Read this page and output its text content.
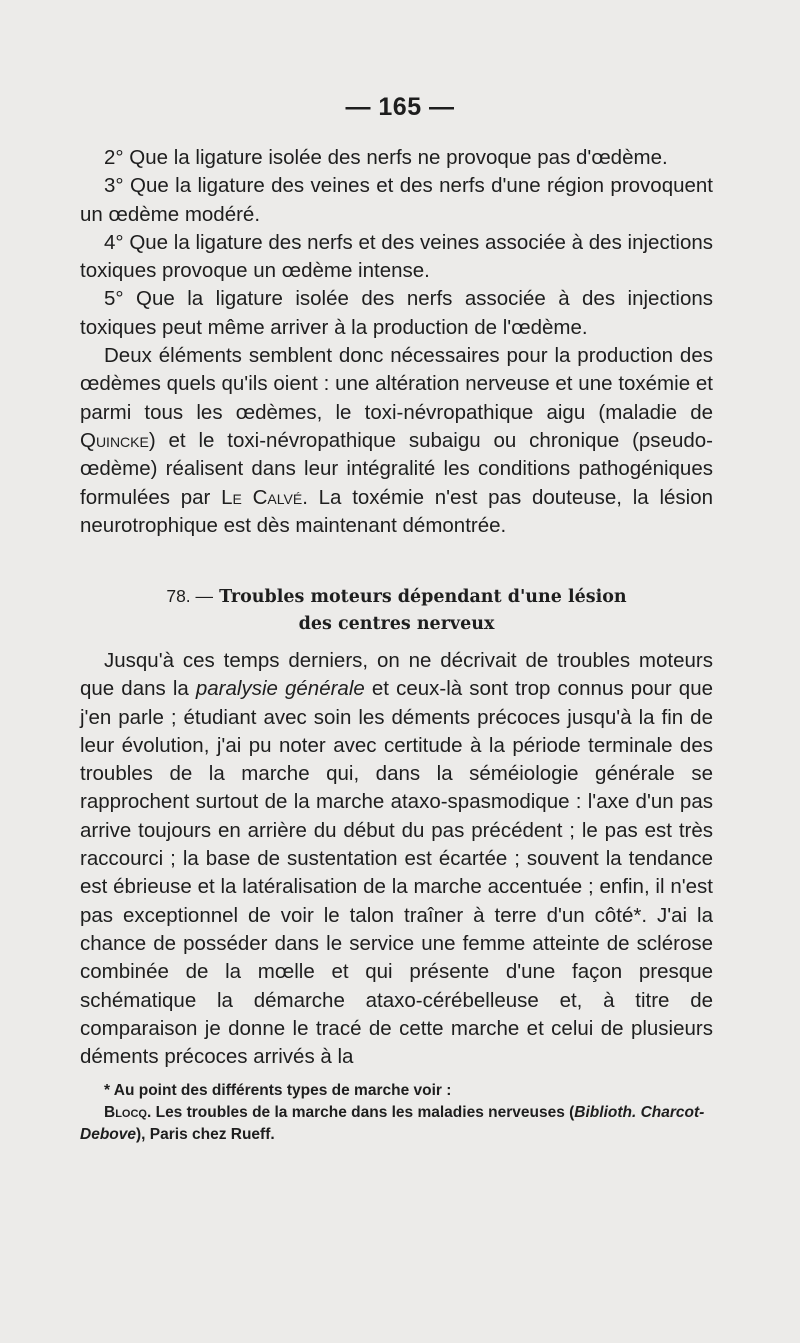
— 165 —

2° Que la ligature isolée des nerfs ne provoque pas d'œdème.

3° Que la ligature des veines et des nerfs d'une région provoquent un œdème modéré.

4° Que la ligature des nerfs et des veines associée à des injections toxiques provoque un œdème intense.

5° Que la ligature isolée des nerfs associée à des injections toxiques peut même arriver à la production de l'œdème.

Deux éléments semblent donc nécessaires pour la production des œdèmes quels qu'ils oient : une altération nerveuse et une toxémie et parmi tous les œdèmes, le toxi-névropathique aigu (maladie de Quincke) et le toxi-névropathique subaigu ou chronique (pseudo-œdème) réalisent dans leur intégralité les conditions pathogéniques formulées par Le Calvé. La toxémie n'est pas douteuse, la lésion neurotrophique est dès maintenant démontrée.

78. — Troubles moteurs dépendant d'une lésion
des centres nerveux

Jusqu'à ces temps derniers, on ne décrivait de troubles moteurs que dans la paralysie générale et ceux-là sont trop connus pour que j'en parle ; étudiant avec soin les déments précoces jusqu'à la fin de leur évolution, j'ai pu noter avec certitude à la période terminale des troubles de la marche qui, dans la séméiologie générale se rapprochent surtout de la marche ataxo-spasmodique : l'axe d'un pas arrive toujours en arrière du début du pas précédent ; le pas est très raccourci ; la base de sustentation est écartée ; souvent la tendance est ébrieuse et la latéralisation de la marche accentuée ; enfin, il n'est pas exceptionnel de voir le talon traîner à terre d'un côté*. J'ai la chance de posséder dans le service une femme atteinte de sclérose combinée de la mœlle et qui présente d'une façon presque schématique la démarche ataxo-cérébelleuse et, à titre de comparaison je donne le tracé de cette marche et celui de plusieurs déments précoces arrivés à la

* Au point des différents types de marche voir :

Blocq. Les troubles de la marche dans les maladies nerveuses (Biblioth. Charcot-Debove), Paris chez Rueff.
